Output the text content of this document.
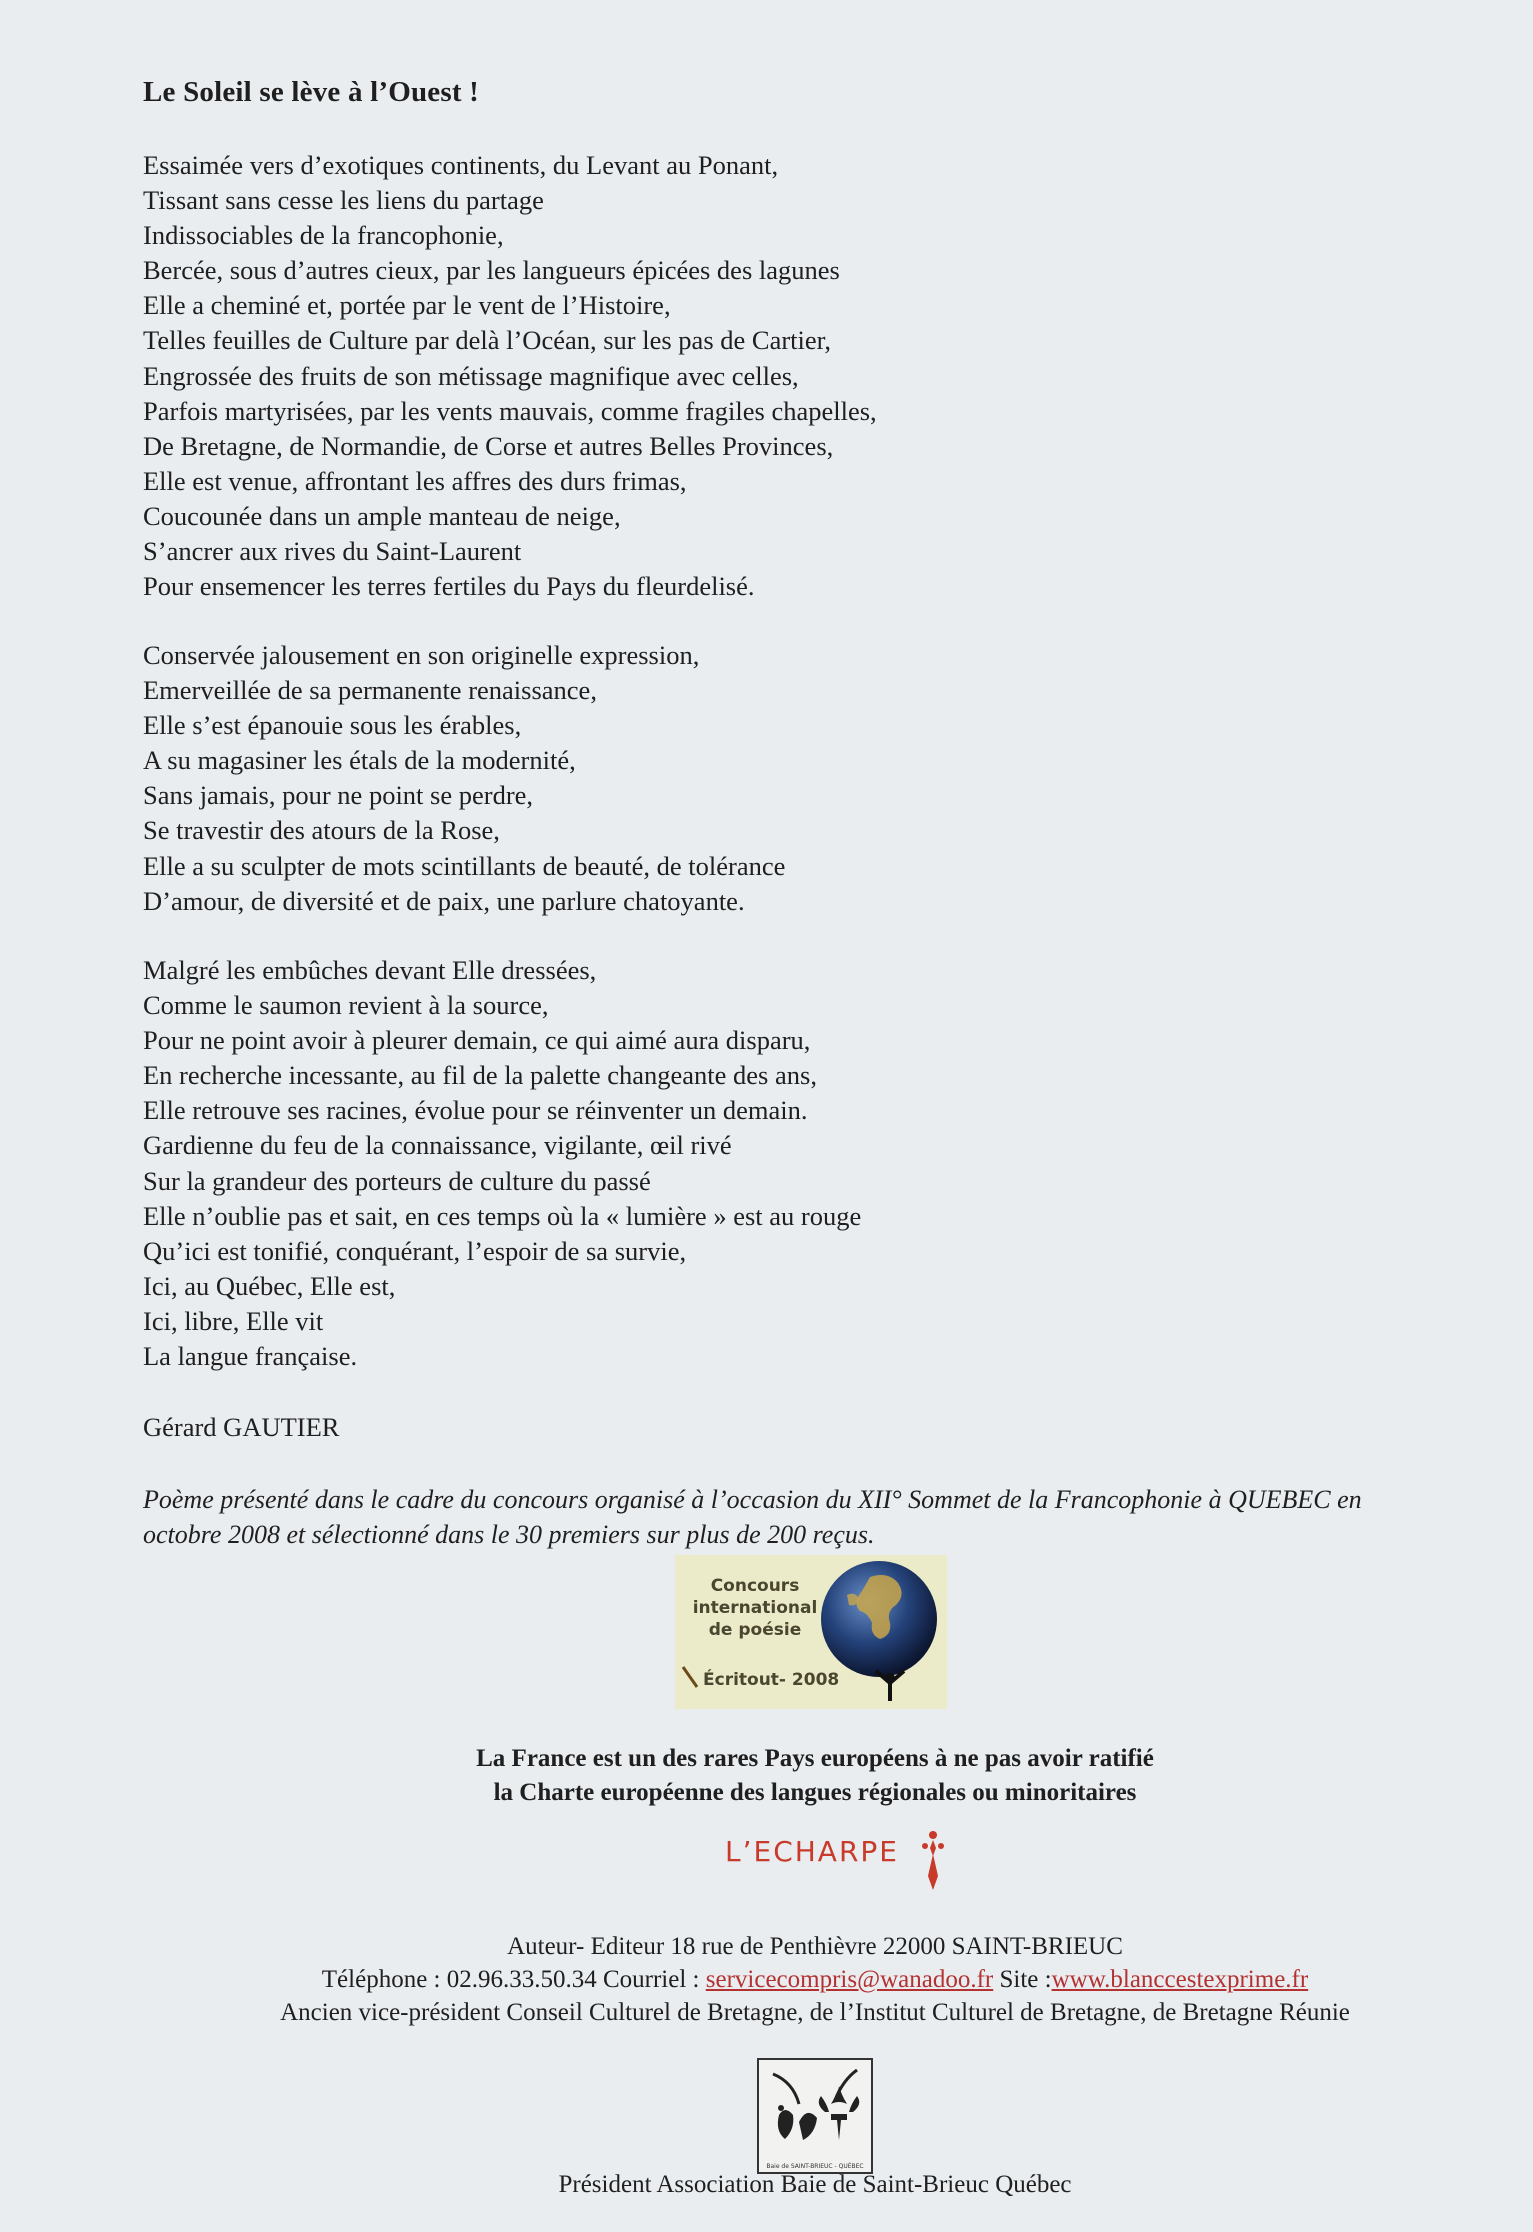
Le Soleil se lève à l’Ouest !
Essaimée vers d’exotiques continents, du Levant au Ponant,
Tissant sans cesse les liens du partage
Indissociables de la francophonie,
Bercée, sous d’autres cieux, par les langueurs épicées des lagunes
Elle a cheminé et, portée par le vent de l’Histoire,
Telles feuilles de Culture par delà l’Océan, sur les pas de Cartier,
Engrossée des fruits de son métissage magnifique avec celles,
Parfois martyrisées, par les vents mauvais, comme fragiles chapelles,
De Bretagne, de Normandie, de Corse et autres Belles Provinces,
Elle est venue, affrontant les affres des durs frimas,
Coucounée dans un ample manteau de neige,
S’ancrer aux rives du Saint-Laurent
Pour ensemencer les terres fertiles du Pays du fleurdelisé.
Conservée jalousement en son originelle expression,
Emerveillée de sa permanente renaissance,
Elle s’est épanouie sous les érables,
A su magasiner les étals de la modernité,
Sans jamais, pour ne point se perdre,
Se travestir des atours de la Rose,
Elle a su sculpter de mots scintillants de beauté, de tolérance
D’amour, de diversité et de paix, une parlure chatoyante.
Malgré les embûches devant Elle dressées,
Comme le saumon revient à la source,
Pour ne point avoir à pleurer demain, ce qui aimé aura disparu,
En recherche incessante, au fil de la palette changeante des ans,
Elle retrouve ses racines, évolue pour se réinventer un demain.
Gardienne du feu de la connaissance, vigilante, œil rivé
Sur la grandeur des porteurs de culture du passé
Elle n’oublie pas et sait, en ces temps où la « lumière » est au rouge
Qu’ici est tonifié, conquérant, l’espoir de sa survie,
Ici, au Québec, Elle est,
Ici, libre, Elle vit
La langue française.
Gérard GAUTIER
Poème présenté dans le cadre du concours organisé à l’occasion du XII° Sommet de la Francophonie à QUEBEC en octobre 2008 et sélectionné dans le 30 premiers sur plus de 200 reçus.
Concours
international
de poésie
Écritout- 2008
La France est un des rares Pays européens à ne pas avoir ratifié
la Charte européenne des langues régionales ou minoritaires
L’ECHARPE
Auteur- Editeur 18 rue de Penthièvre 22000 SAINT-BRIEUC
Téléphone : 02.96.33.50.34 Courriel : servicecompris@wanadoo.fr Site :www.blanccestexprime.fr
Ancien vice-président Conseil Culturel de Bretagne, de l’Institut Culturel de Bretagne, de Bretagne Réunie
Baie de SAINT-BRIEUC - QUÉBEC
Président Association Baie de Saint-Brieuc Québec
